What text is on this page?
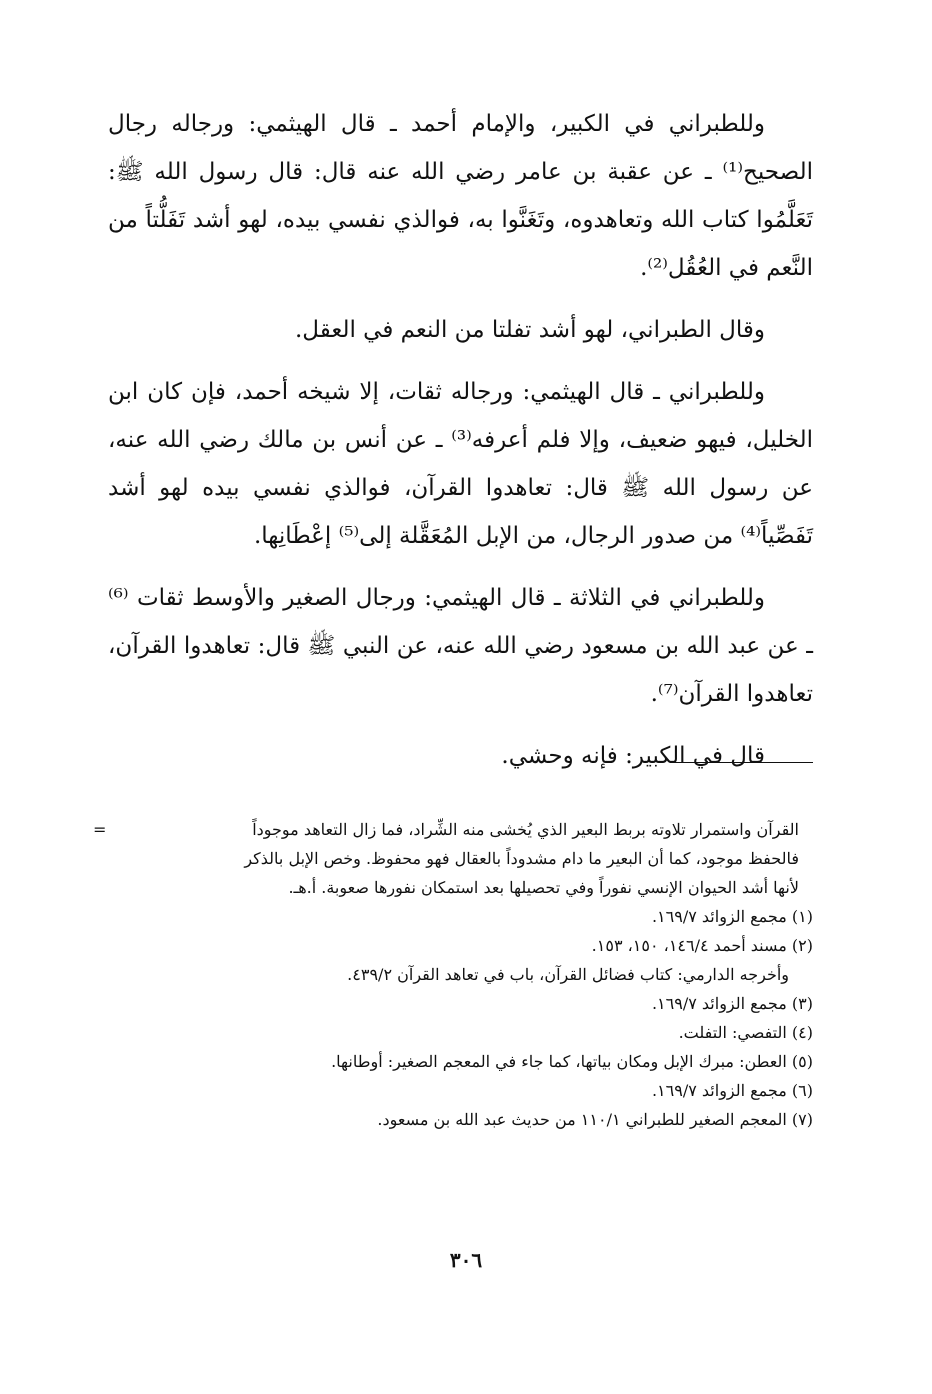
وللطبراني في الكبير، والإمام أحمد ـ قال الهيثمي: ورجاله رجال الصحيح⁽¹⁾ ـ عن عقبة بن عامر رضي الله عنه قال: قال رسول الله ﷺ: تَعَلَّمُوا كتاب الله وتعاهدوه، وتَغَنَّوا به، فوالذي نفسي بيده، لهو أشد تَفَلُّتاً من النَّعم في العُقُل⁽²⁾.

وقال الطبراني، لهو أشد تفلتا من النعم في العقل.

وللطبراني ـ قال الهيثمي: ورجاله ثقات، إلا شيخه أحمد، فإن كان ابن الخليل، فيهو ضعيف، وإلا فلم أعرفه⁽³⁾ ـ عن أنس بن مالك رضي الله عنه، عن رسول الله ﷺ قال: تعاهدوا القرآن، فوالذي نفسي بيده لهو أشد تَفَصِّياً⁽⁴⁾ من صدور الرجال، من الإبل المُعَقَّلة إلى⁽⁵⁾ إعْطَانِها.

وللطبراني في الثلاثة ـ قال الهيثمي: ورجال الصغير والأوسط ثقات ⁽⁶⁾ ـ عن عبد الله بن مسعود رضي الله عنه، عن النبي ﷺ قال: تعاهدوا القرآن، تعاهدوا القرآن⁽⁷⁾.

قال في الكبير: فإنه وحشي.

=	القرآن واستمرار تلاوته بربط البعير الذي يُخشى منه الشِّراد، فما زال التعاهد موجوداً
فالحفظ موجود، كما أن البعير ما دام مشدوداً بالعقال فهو محفوظ. وخص الإبل بالذكر
لأنها أشد الحيوان الإنسي نفوراً وفي تحصيلها بعد استمكان نفورها صعوبة. أ.هـ.
(١) مجمع الزوائد ١٦٩/٧.
(٢) مسند أحمد ١٤٦/٤، ١٥٠، ١٥٣.
وأخرجه الدارمي: كتاب فضائل القرآن، باب في تعاهد القرآن ٤٣٩/٢.
(٣) مجمع الزوائد ١٦٩/٧.
(٤) التفصي: التفلت.
(٥) العطن: مبرك الإبل ومكان بياتها، كما جاء في المعجم الصغير: أوطانها.
(٦) مجمع الزوائد ١٦٩/٧.
(٧) المعجم الصغير للطبراني ١١٠/١ من حديث عبد الله بن مسعود.
٣٠٦
